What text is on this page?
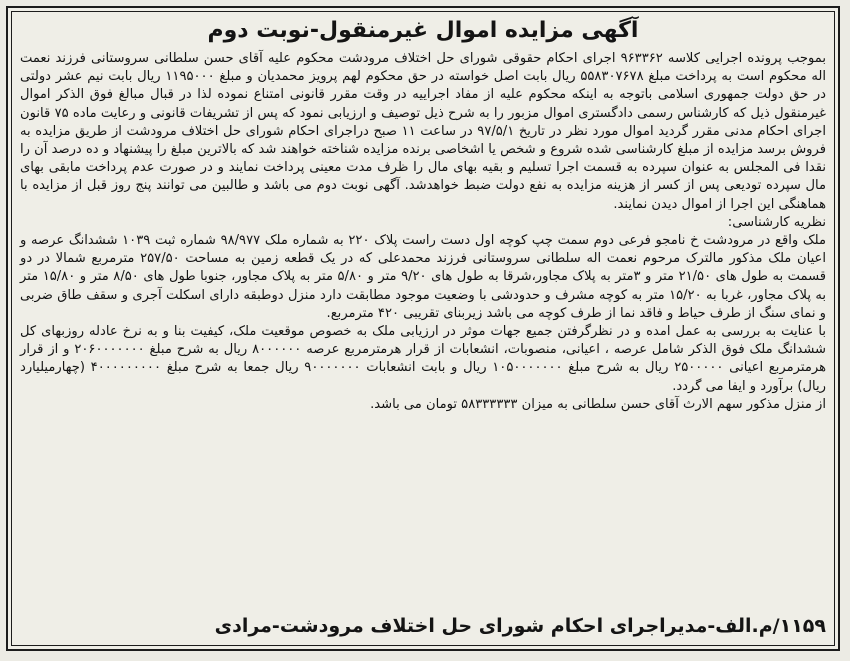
آگهی مزایده اموال غیرمنقول-نوبت دوم

بموجب پرونده اجرایی کلاسه ۹۶۳۳۶۲ اجرای احکام حقوقی شورای حل اختلاف مرودشت محکوم علیه آقای حسن سلطانی سروستانی فرزند نعمت اله محکوم است به پرداخت مبلغ ۵۵۸۳۰۷۶۷۸ ریال بابت اصل خواسته در حق محکوم لهم پرویز محمدیان و مبلغ ۱۱۹۵۰۰۰ ریال بابت نیم عشر دولتی در حق دولت جمهوری اسلامی باتوجه به اینکه محکوم علیه از مفاد اجراییه در وقت مقرر قانونی امتناع نموده لذا در قبال مبالغ فوق الذکر اموال غیرمنقول ذیل که کارشناس رسمی دادگستری اموال مزبور را به شرح ذیل توصیف و ارزیابی نمود که پس از تشریفات قانونی و رعایت ماده ۷۵ قانون اجرای احکام مدنی مقرر گردید اموال مورد نظر در تاریخ ۹۷/۵/۱ در ساعت ۱۱ صبح دراجرای احکام شورای حل اختلاف مرودشت از طریق مزایده به فروش برسد مزایده از مبلغ کارشناسی شده شروع و شخص یا اشخاصی برنده مزایده شناخته خواهند شد که بالاترین مبلغ را پیشنهاد و ده درصد آن را نقدا فی المجلس به عنوان سپرده به قسمت اجرا تسلیم و بقیه بهای مال را ظرف مدت معینی پرداخت نمایند و در صورت عدم پرداخت مابقی بهای مال سپرده تودیعی پس از کسر از هزینه مزایده به نفع دولت ضبط خواهدشد. آگهی نوبت دوم می باشد و طالبین می توانند پنج روز قبل از مزایده با هماهنگی این اجرا از اموال دیدن نمایند.

نظریه کارشناسی:

ملک واقع در مرودشت خ نامجو فرعی دوم سمت چپ کوچه اول دست راست پلاک ۲۲۰ به شماره ملک ۹۸/۹۷۷ شماره ثبت ۱۰۳۹ ششدانگ عرصه و اعیان ملک مذکور مالترک مرحوم نعمت اله سلطانی سروستانی فرزند محمدعلی که در یک قطعه زمین به مساحت ۲۵۷/۵۰ مترمربع شمالا در دو قسمت به طول های ۲۱/۵۰ متر و ۳متر به پلاک مجاور،شرقا به طول های ۹/۲۰ متر و ۵/۸۰ متر به پلاک مجاور، جنوبا طول های ۸/۵۰ متر و ۱۵/۸۰ متر به پلاک مجاور، غربا به ۱۵/۲۰ متر به کوچه مشرف و حدودشی با وضعیت موجود مطابقت دارد منزل دوطبقه دارای اسکلت آجری و سقف طاق ضربی و نمای سنگ از طرف حیاط و فاقد نما از طرف کوچه می باشد زیربنای تقریبی ۴۲۰ مترمربع.

با عنایت به بررسی به عمل امده و در نظرگرفتن جمیع جهات موثر در ارزیابی ملک به خصوص موقعیت ملک، کیفیت بنا و به نرخ عادله روزبهای کل ششدانگ ملک فوق الذکر شامل عرصه ، اعیانی، منصوبات، انشعابات از قرار هرمترمربع عرصه ۸۰۰۰۰۰۰ ریال به شرح مبلغ ۲۰۶۰۰۰۰۰۰۰ و از قرار هرمترمربع اعیانی ۲۵۰۰۰۰۰ ریال به شرح مبلغ ۱۰۵۰۰۰۰۰۰۰ ریال و بابت انشعابات ۹۰۰۰۰۰۰۰ ریال جمعا به شرح مبلغ ۴۰۰۰۰۰۰۰۰۰ (چهارمیلیارد ریال) برآورد و ایفا می گردد.

از منزل مذکور سهم الارث آقای حسن سلطانی به میزان ۵۸۳۳۳۳۳۳ تومان می باشد.

۱۱۵۹/م.الف-مدیراجرای احکام شورای حل اختلاف مرودشت-مرادی
